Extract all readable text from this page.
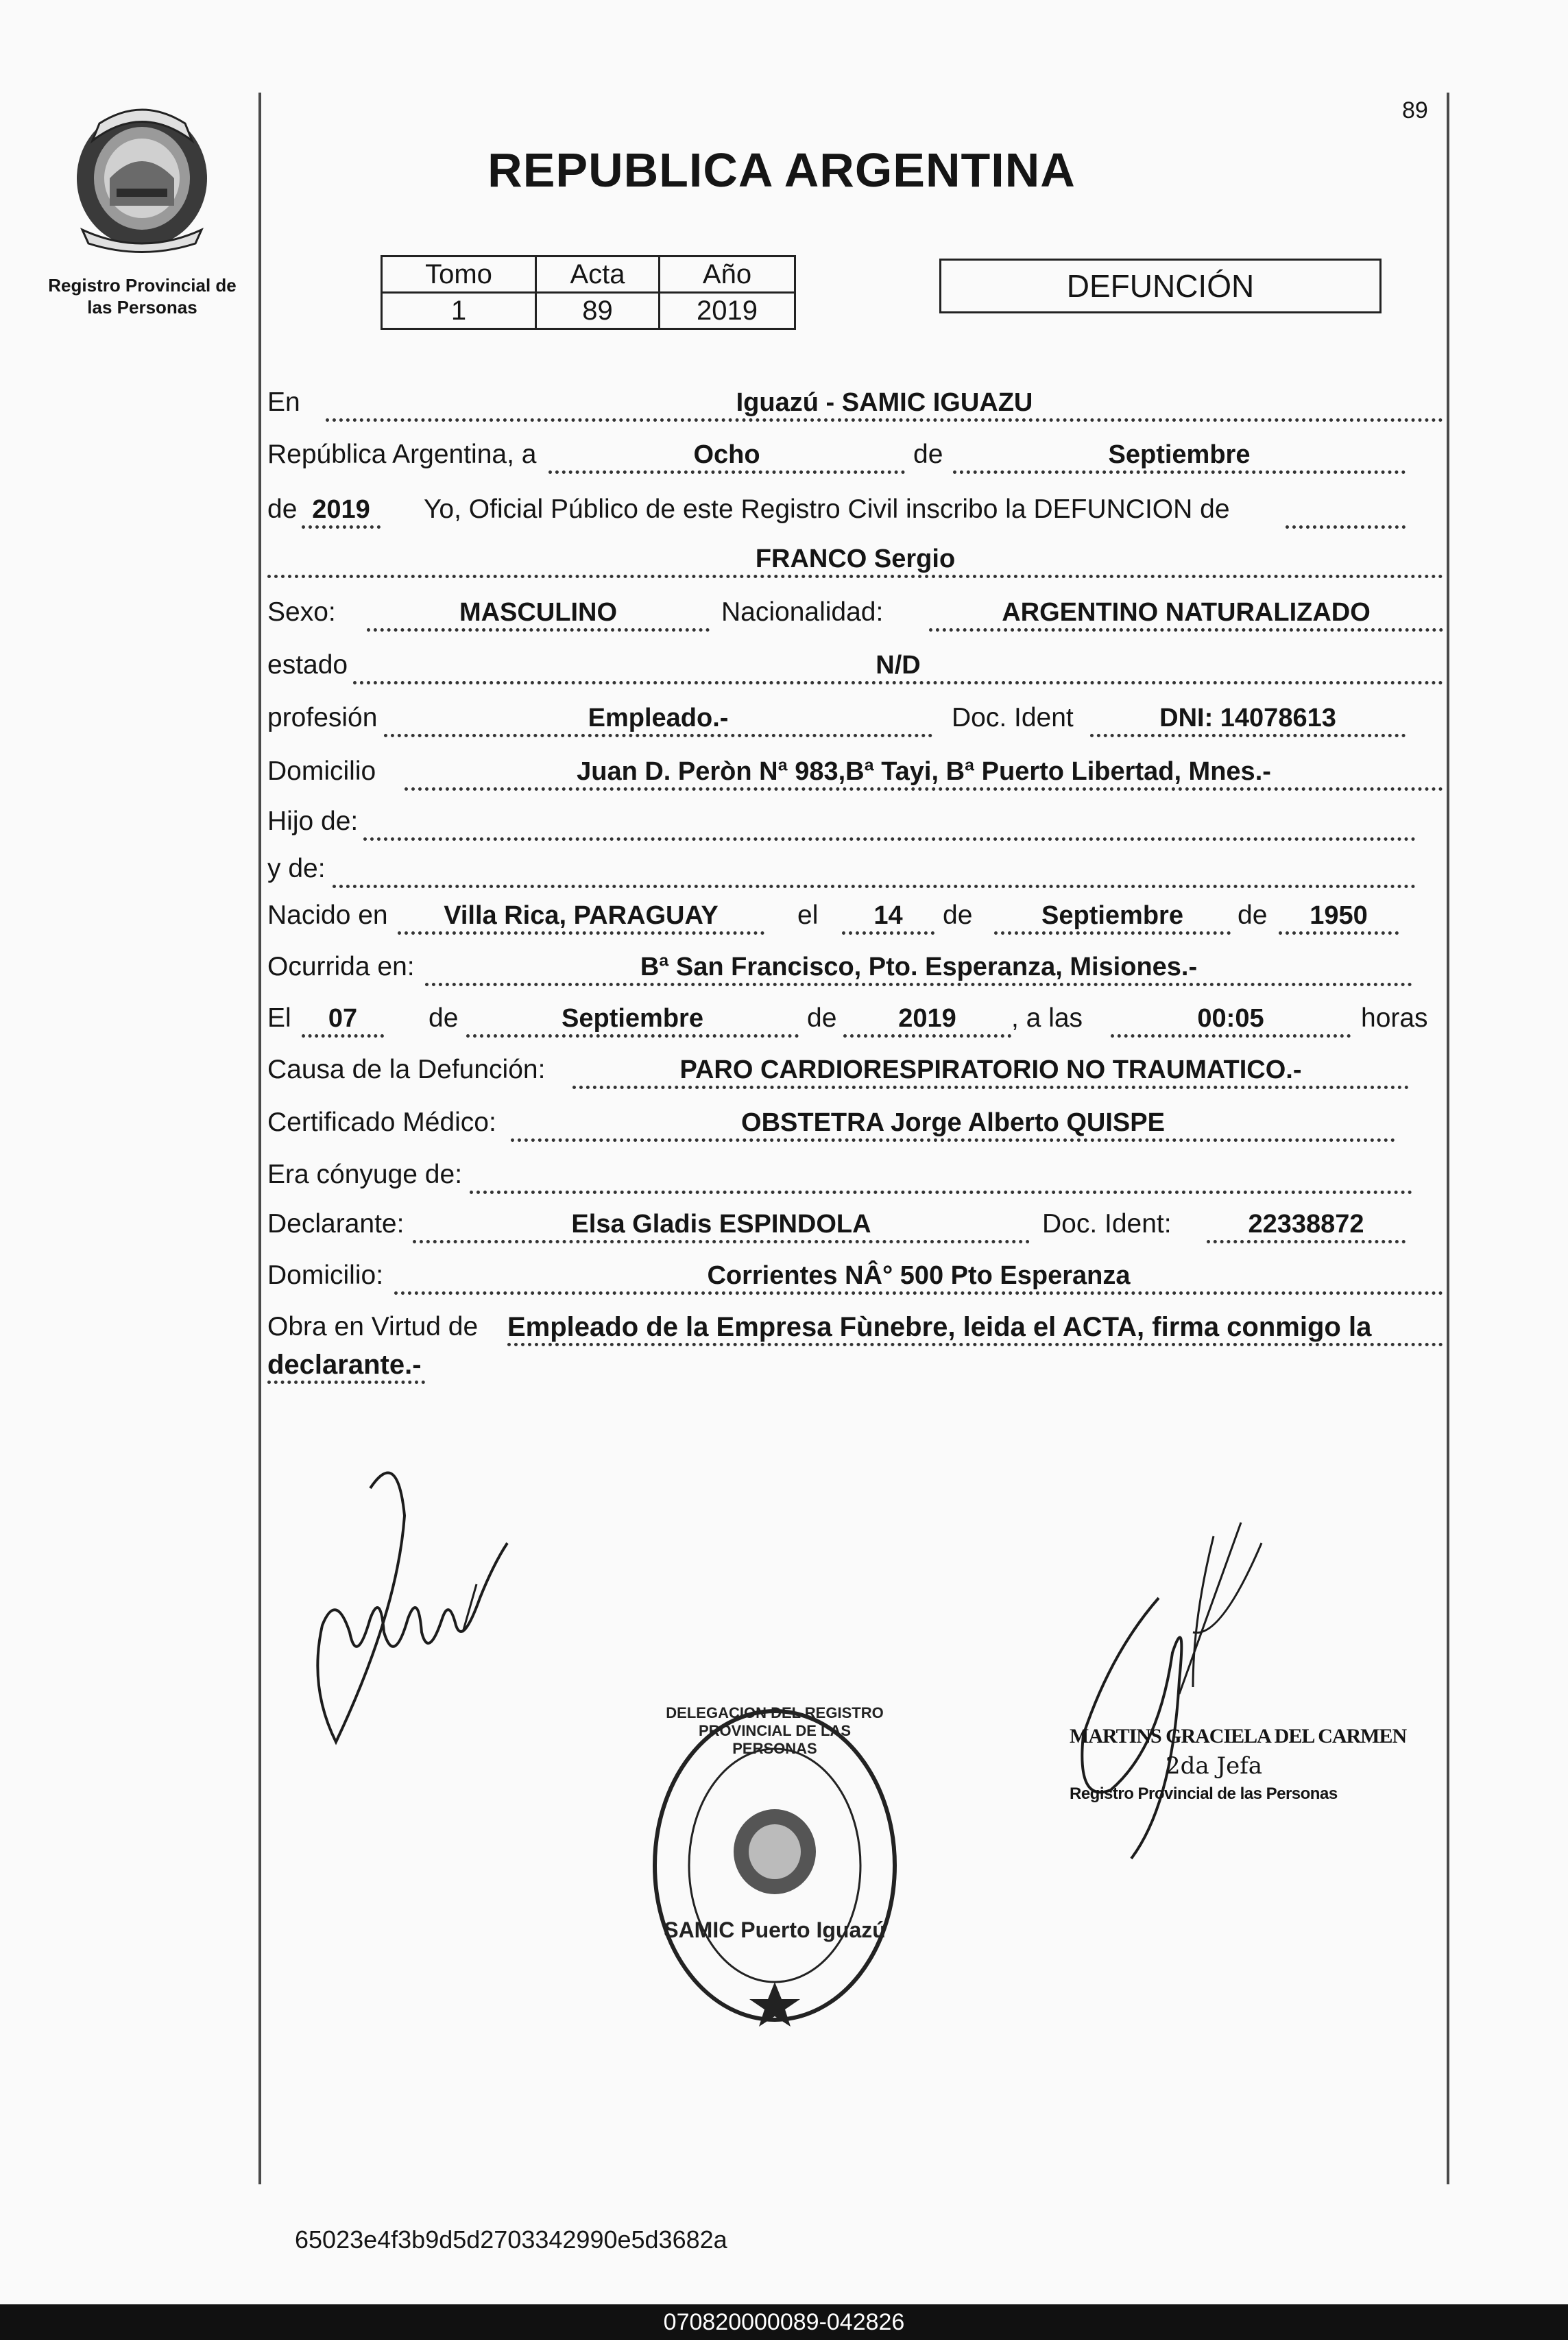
Registro Provincial de las Personas
89
REPUBLICA ARGENTINA
Tomo	Acta	Año
1	89	2019
DEFUNCIÓN
En	Iguazú - SAMIC IGUAZU
República Argentina, a	Ocho	de	Septiembre
de 2019	Yo, Oficial Público de este Registro Civil inscribo la DEFUNCION de
FRANCO Sergio
Sexo:	MASCULINO	Nacionalidad:	ARGENTINO NATURALIZADO
estado	N/D
profesión	Empleado.-	Doc. Ident	DNI: 14078613
Domicilio	Juan D. Peròn Nª 983,Bª Tayi, Bª Puerto Libertad, Mnes.-
Hijo de:
y de:
Nacido en	Villa Rica, PARAGUAY	el	14	de	Septiembre	de	1950
Ocurrida en:	Bª San Francisco, Pto. Esperanza, Misiones.-
El	07	de	Septiembre	de	2019	, a las	00:05	horas
Causa de la Defunción:	PARO CARDIORESPIRATORIO NO TRAUMATICO.-
Certificado Médico:	OBSTETRA Jorge Alberto QUISPE
Era cónyuge de:
Declarante:	Elsa Gladis ESPINDOLA	Doc. Ident:	22338872
Domicilio:	Corrientes NÂ° 500 Pto Esperanza
Obra en Virtud de Empleado de la Empresa Fùnebre, leida el ACTA, firma conmigo la
declarante.-
SAMIC Puerto Iguazú
DELEGACION DEL REGISTRO PROVINCIAL DE LAS PERSONAS
MARTINS GRACIELA DEL CARMEN
2da Jefa
Registro Provincial de las Personas
65023e4f3b9d5d2703342990e5d3682a
070820000089-042826
